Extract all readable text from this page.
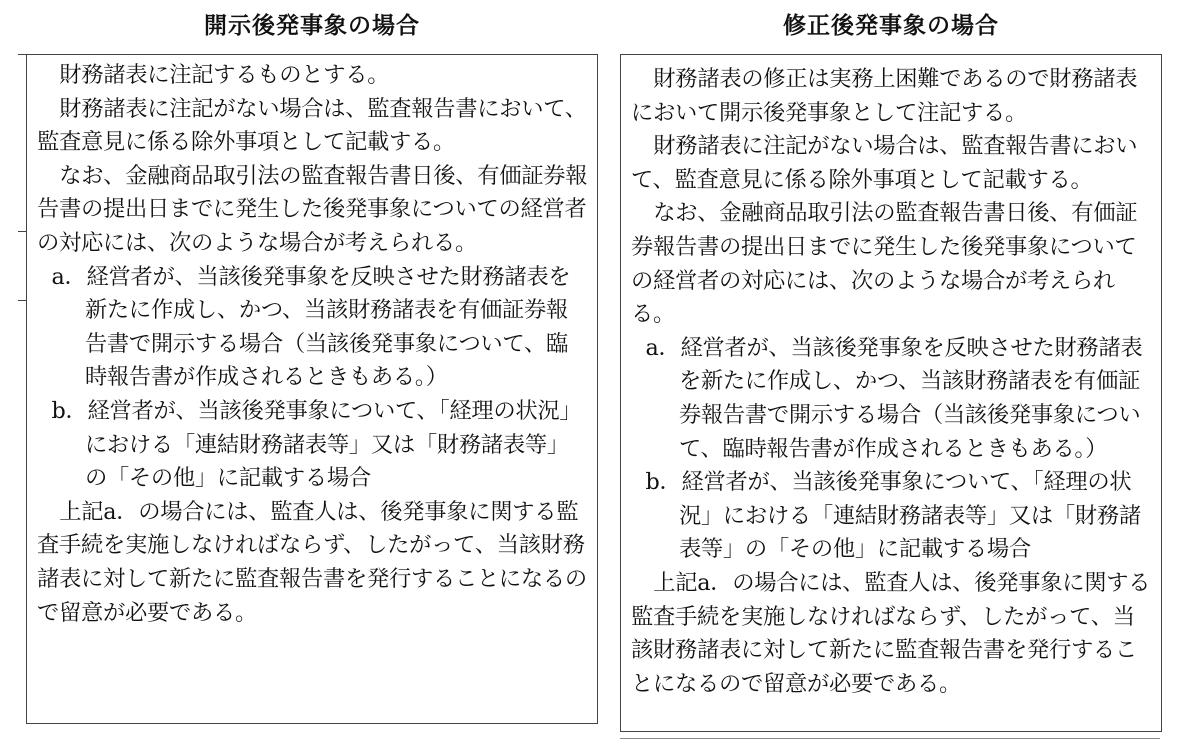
開示後発事象の場合	修正後発事象の場合

財務諸表に注記するものとする。

財務諸表に注記がない場合は、監査報告書において、監査意見に係る除外事項として記載する。

なお、金融商品取引法の監査報告書日後、有価証券報告書の提出日までに発生した後発事象についての経営者の対応には、次のような場合が考えられる。

a．経営者が、当該後発事象を反映させた財務諸表を新たに作成し、かつ、当該財務諸表を有価証券報告書で開示する場合（当該後発事象について、臨時報告書が作成されるときもある。）

b．経営者が、当該後発事象について、「経理の状況」における「連結財務諸表等」又は「財務諸表等」の「その他」に記載する場合

上記a．の場合には、監査人は、後発事象に関する監査手続を実施しなければならず、したがって、当該財務諸表に対して新たに監査報告書を発行することになるので留意が必要である。

財務諸表の修正は実務上困難であるので財務諸表において開示後発事象として注記する。

財務諸表に注記がない場合は、監査報告書において、監査意見に係る除外事項として記載する。

なお、金融商品取引法の監査報告書日後、有価証券報告書の提出日までに発生した後発事象についての経営者の対応には、次のような場合が考えられる。

a．経営者が、当該後発事象を反映させた財務諸表を新たに作成し、かつ、当該財務諸表を有価証券報告書で開示する場合（当該後発事象について、臨時報告書が作成されるときもある。）

b．経営者が、当該後発事象について、「経理の状況」における「連結財務諸表等」又は「財務諸表等」の「その他」に記載する場合

上記a．の場合には、監査人は、後発事象に関する監査手続を実施しなければならず、したがって、当該財務諸表に対して新たに監査報告書を発行することになるので留意が必要である。
